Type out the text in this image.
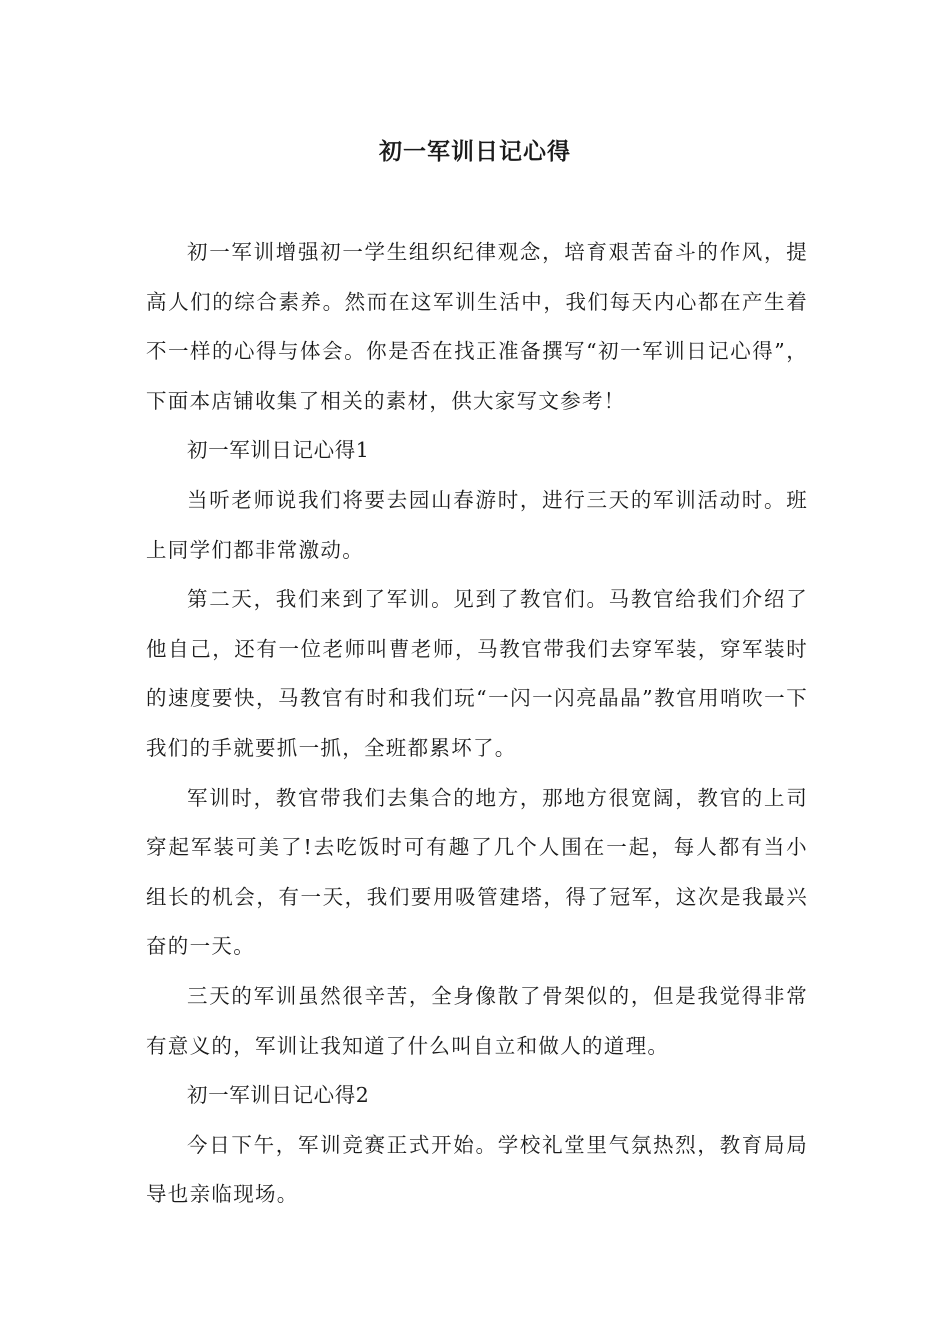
初一军训日记心得

初一军训增强初一学生组织纪律观念，培育艰苦奋斗的作风，提高人们的综合素养。然而在这军训生活中，我们每天内心都在产生着不一样的心得与体会。你是否在找正准备撰写“初一军训日记心得”，下面本店铺收集了相关的素材，供大家写文参考！

初一军训日记心得1

当听老师说我们将要去园山春游时，进行三天的军训活动时。班上同学们都非常激动。

第二天，我们来到了军训。见到了教官们。马教官给我们介绍了他自己，还有一位老师叫曹老师，马教官带我们去穿军装，穿军装时的速度要快，马教官有时和我们玩“一闪一闪亮晶晶”教官用哨吹一下我们的手就要抓一抓，全班都累坏了。

军训时，教官带我们去集合的地方，那地方很宽阔，教官的上司穿起军装可美了!去吃饭时可有趣了几个人围在一起，每人都有当小组长的机会，有一天，我们要用吸管建塔，得了冠军，这次是我最兴奋的一天。

三天的军训虽然很辛苦，全身像散了骨架似的，但是我觉得非常有意义的，军训让我知道了什么叫自立和做人的道理。

初一军训日记心得2

今日下午，军训竞赛正式开始。学校礼堂里气氛热烈，教育局局导也亲临现场。
